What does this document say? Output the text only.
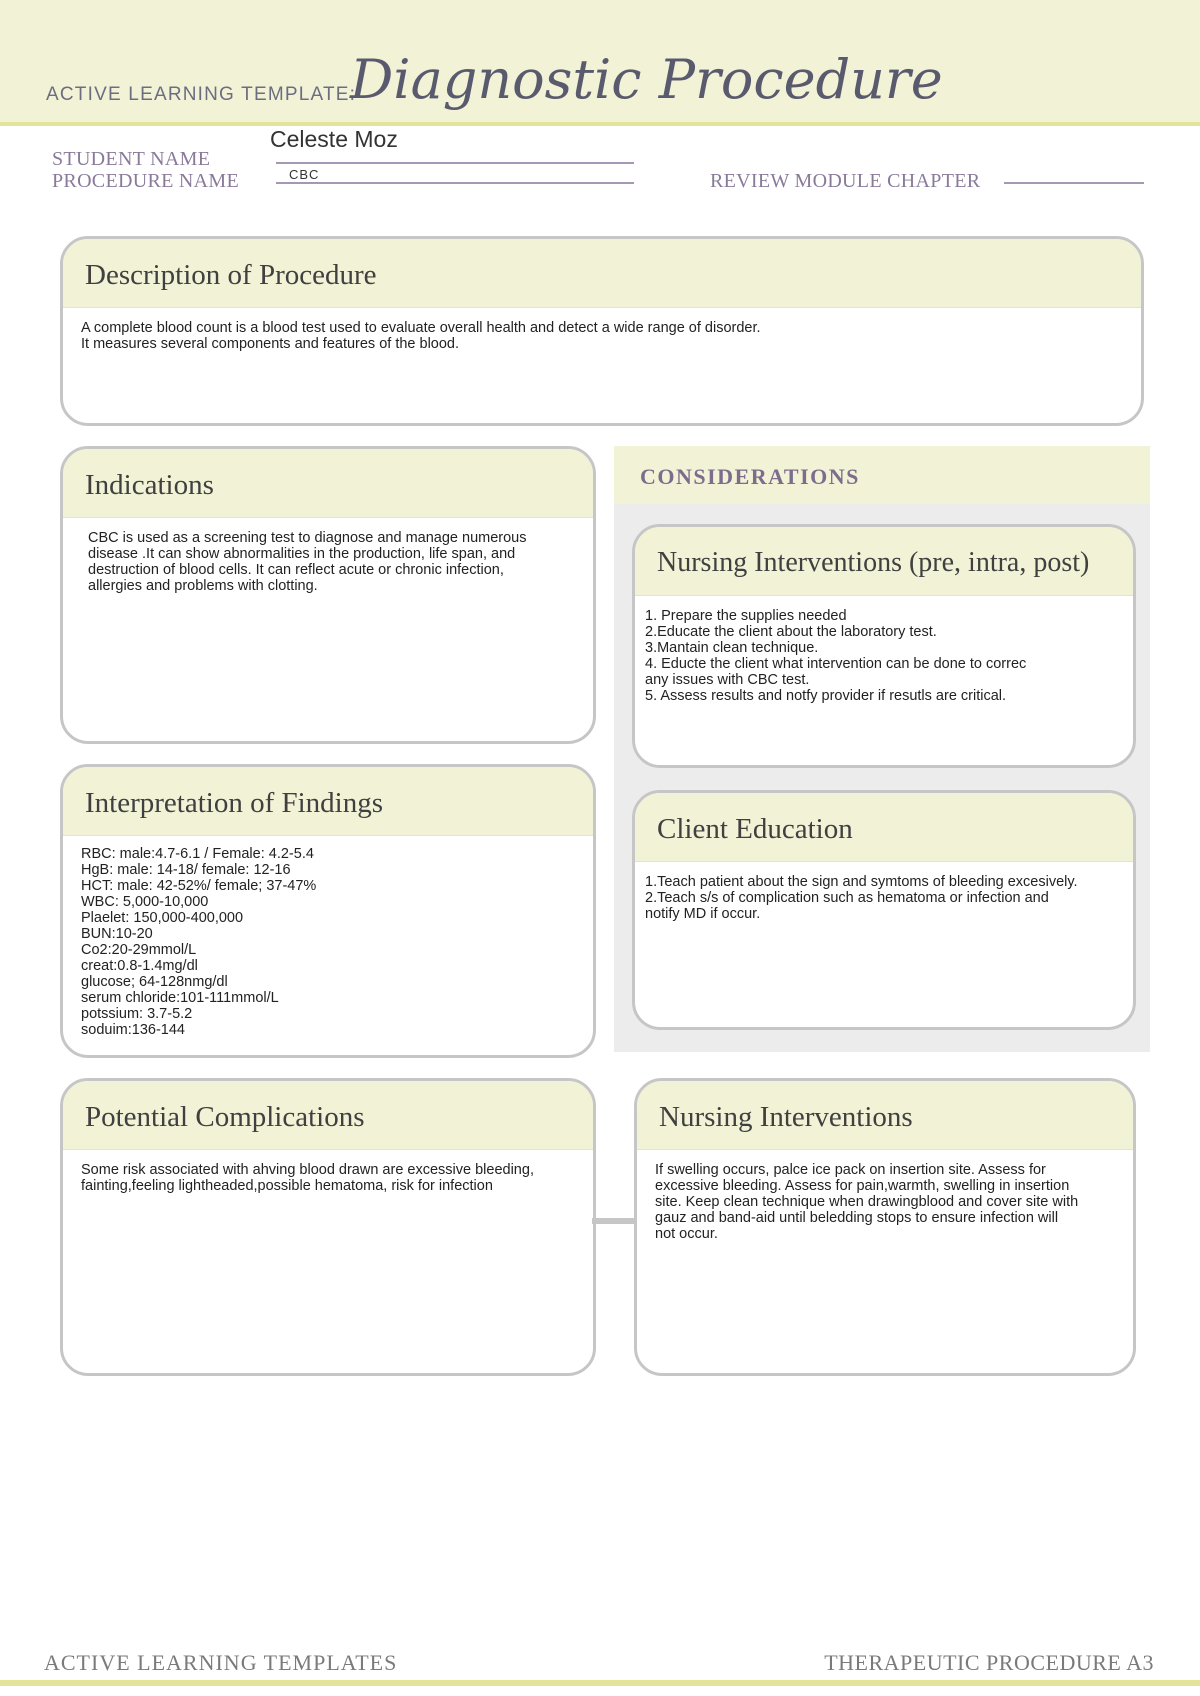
ACTIVE LEARNING TEMPLATE:
Diagnostic Procedure
STUDENT NAME
Celeste Moz
PROCEDURE NAME	CBC	REVIEW MODULE CHAPTER
Description of Procedure
A complete blood count is a blood test used to evaluate overall health and detect a wide range of disorder.
It measures several components and features of the blood.
Indications
CBC is used as a screening test to diagnose and manage numerous
disease .It can show abnormalities in the production, life span, and
destruction of blood cells. It can reflect acute or chronic infection,
allergies and problems with clotting.
CONSIDERATIONS
Nursing Interventions (pre, intra, post)
1. Prepare the supplies needed
2.Educate the client about the laboratory test.
3.Mantain clean technique.
4. Educte the client what intervention can be done to correc
any issues with CBC test.
5. Assess results and notfy provider if resutls are critical.
Client Education
1.Teach patient about the sign and symtoms of bleeding excesively.
2.Teach s/s of complication such as hematoma or infection and
notify MD if occur.
Interpretation of Findings
RBC: male:4.7-6.1 / Female: 4.2-5.4
HgB: male: 14-18/ female: 12-16
HCT: male: 42-52%/ female; 37-47%
WBC: 5,000-10,000
Plaelet: 150,000-400,000
BUN:10-20
Co2:20-29mmol/L
creat:0.8-1.4mg/dl
glucose; 64-128nmg/dl
serum chloride:101-111mmol/L
potssium: 3.7-5.2
soduim:136-144
Potential Complications
Some risk associated with ahving blood drawn are excessive bleeding,
fainting,feeling lightheaded,possible hematoma, risk for infection
Nursing Interventions
If swelling occurs, palce ice pack on insertion site. Assess for
excessive bleeding. Assess for pain,warmth, swelling in insertion
site. Keep clean technique when drawingblood and cover site with
gauz and band-aid until beledding stops to ensure infection will
not occur.
ACTIVE LEARNING TEMPLATES	THERAPEUTIC PROCEDURE A3
